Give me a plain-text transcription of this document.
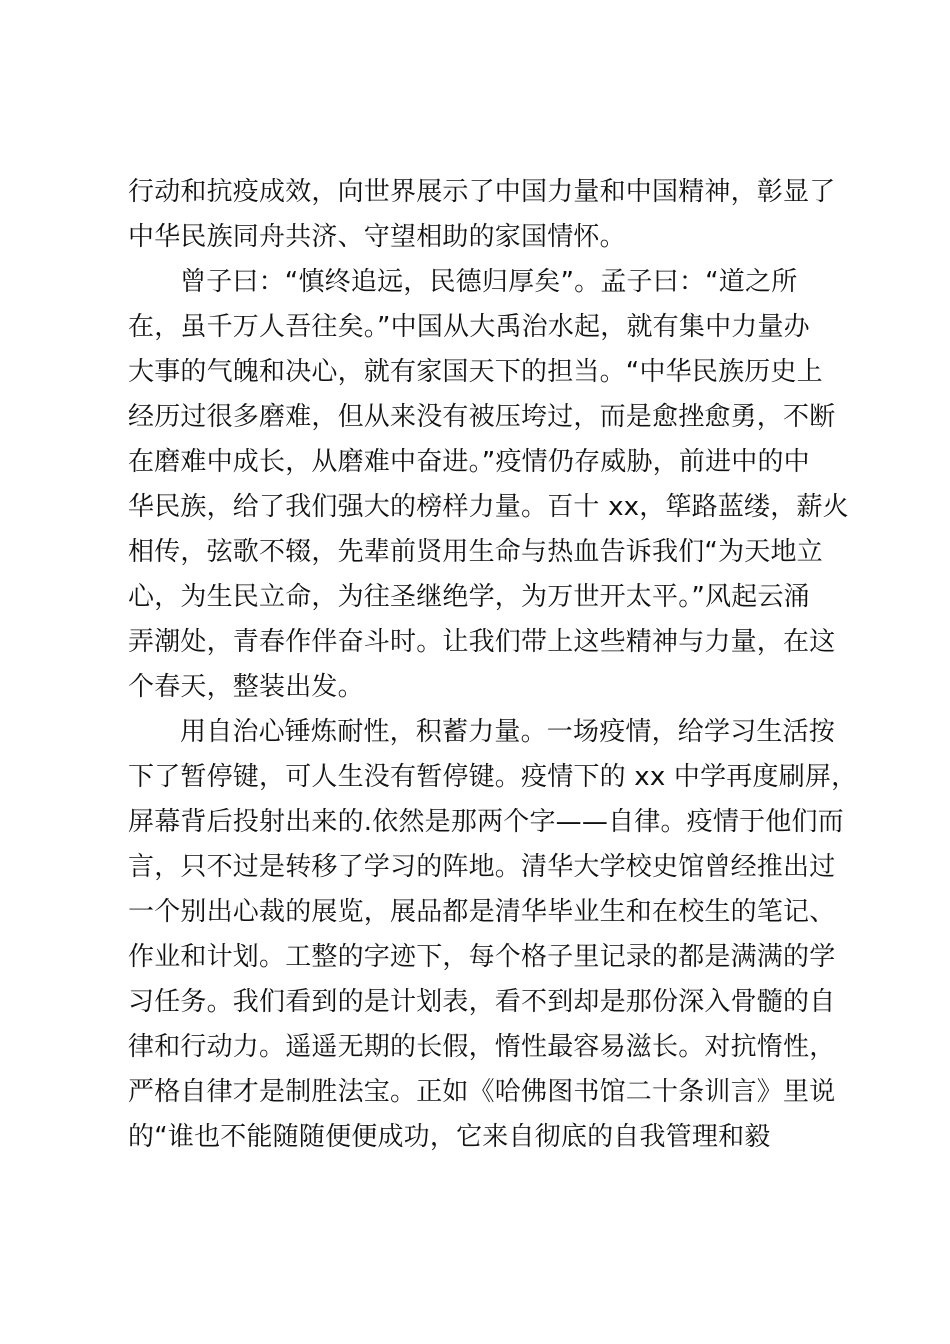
行动和抗疫成效，向世界展示了中国力量和中国精神，彰显了
中华民族同舟共济、守望相助的家国情怀。
曾子曰：“慎终追远，民德归厚矣”。孟子曰：“道之所
在，虽千万人吾往矣。”中国从大禹治水起，就有集中力量办
大事的气魄和决心，就有家国天下的担当。“中华民族历史上
经历过很多磨难，但从来没有被压垮过，而是愈挫愈勇，不断
在磨难中成长，从磨难中奋进。”疫情仍存威胁，前进中的中
华民族，给了我们强大的榜样力量。百十 xx，筚路蓝缕，薪火
相传，弦歌不辍，先辈前贤用生命与热血告诉我们“为天地立
心，为生民立命，为往圣继绝学，为万世开太平。”风起云涌
弄潮处，青春作伴奋斗时。让我们带上这些精神与力量，在这
个春天，整装出发。
用自治心锤炼耐性，积蓄力量。一场疫情，给学习生活按
下了暂停键，可人生没有暂停键。疫情下的 xx 中学再度刷屏，
屏幕背后投射出来的.依然是那两个字——自律。疫情于他们而
言，只不过是转移了学习的阵地。清华大学校史馆曾经推出过
一个别出心裁的展览，展品都是清华毕业生和在校生的笔记、
作业和计划。工整的字迹下，每个格子里记录的都是满满的学
习任务。我们看到的是计划表，看不到却是那份深入骨髓的自
律和行动力。遥遥无期的长假，惰性最容易滋长。对抗惰性，
严格自律才是制胜法宝。正如《哈佛图书馆二十条训言》里说
的“谁也不能随随便便成功，它来自彻底的自我管理和毅
